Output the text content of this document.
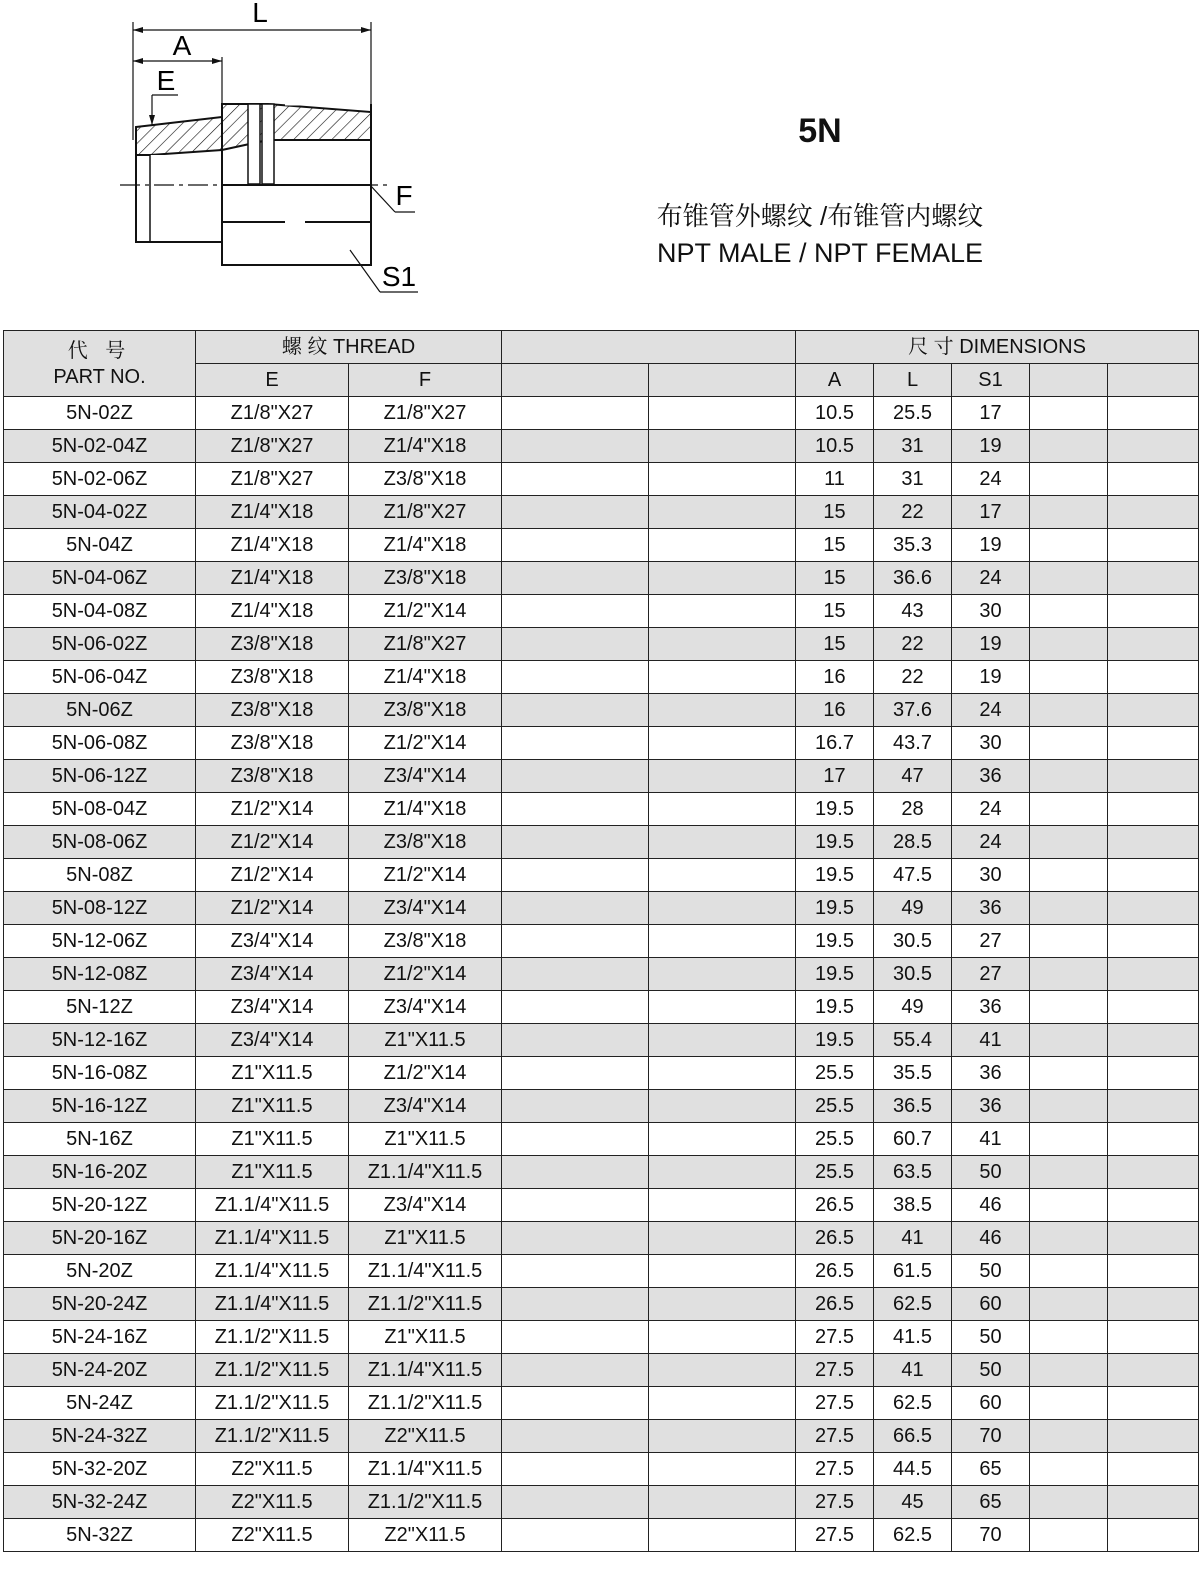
L
A
E
F
S1
5N
布锥管外螺纹 /布锥管内螺纹
NPT MALE / NPT FEMALE
代 号
PART NO.	螺 纹 THREAD				尺 寸 DIMENSIONS				
	E	F			A	L	S1		
5N-02Z	Z1/8"X27	Z1/8"X27			10.5	25.5	17		
5N-02-04Z	Z1/8"X27	Z1/4"X18			10.5	31	19		
5N-02-06Z	Z1/8"X27	Z3/8"X18			11	31	24		
5N-04-02Z	Z1/4"X18	Z1/8"X27			15	22	17		
5N-04Z	Z1/4"X18	Z1/4"X18			15	35.3	19		
5N-04-06Z	Z1/4"X18	Z3/8"X18			15	36.6	24		
5N-04-08Z	Z1/4"X18	Z1/2"X14			15	43	30		
5N-06-02Z	Z3/8"X18	Z1/8"X27			15	22	19		
5N-06-04Z	Z3/8"X18	Z1/4"X18			16	22	19		
5N-06Z	Z3/8"X18	Z3/8"X18			16	37.6	24		
5N-06-08Z	Z3/8"X18	Z1/2"X14			16.7	43.7	30		
5N-06-12Z	Z3/8"X18	Z3/4"X14			17	47	36		
5N-08-04Z	Z1/2"X14	Z1/4"X18			19.5	28	24		
5N-08-06Z	Z1/2"X14	Z3/8"X18			19.5	28.5	24		
5N-08Z	Z1/2"X14	Z1/2"X14			19.5	47.5	30		
5N-08-12Z	Z1/2"X14	Z3/4"X14			19.5	49	36		
5N-12-06Z	Z3/4"X14	Z3/8"X18			19.5	30.5	27		
5N-12-08Z	Z3/4"X14	Z1/2"X14			19.5	30.5	27		
5N-12Z	Z3/4"X14	Z3/4"X14			19.5	49	36		
5N-12-16Z	Z3/4"X14	Z1"X11.5			19.5	55.4	41		
5N-16-08Z	Z1"X11.5	Z1/2"X14			25.5	35.5	36		
5N-16-12Z	Z1"X11.5	Z3/4"X14			25.5	36.5	36		
5N-16Z	Z1"X11.5	Z1"X11.5			25.5	60.7	41		
5N-16-20Z	Z1"X11.5	Z1.1/4"X11.5			25.5	63.5	50		
5N-20-12Z	Z1.1/4"X11.5	Z3/4"X14			26.5	38.5	46		
5N-20-16Z	Z1.1/4"X11.5	Z1"X11.5			26.5	41	46		
5N-20Z	Z1.1/4"X11.5	Z1.1/4"X11.5			26.5	61.5	50		
5N-20-24Z	Z1.1/4"X11.5	Z1.1/2"X11.5			26.5	62.5	60		
5N-24-16Z	Z1.1/2"X11.5	Z1"X11.5			27.5	41.5	50		
5N-24-20Z	Z1.1/2"X11.5	Z1.1/4"X11.5			27.5	41	50		
5N-24Z	Z1.1/2"X11.5	Z1.1/2"X11.5			27.5	62.5	60		
5N-24-32Z	Z1.1/2"X11.5	Z2"X11.5			27.5	66.5	70		
5N-32-20Z	Z2"X11.5	Z1.1/4"X11.5			27.5	44.5	65		
5N-32-24Z	Z2"X11.5	Z1.1/2"X11.5			27.5	45	65		
5N-32Z	Z2"X11.5	Z2"X11.5			27.5	62.5	70		
